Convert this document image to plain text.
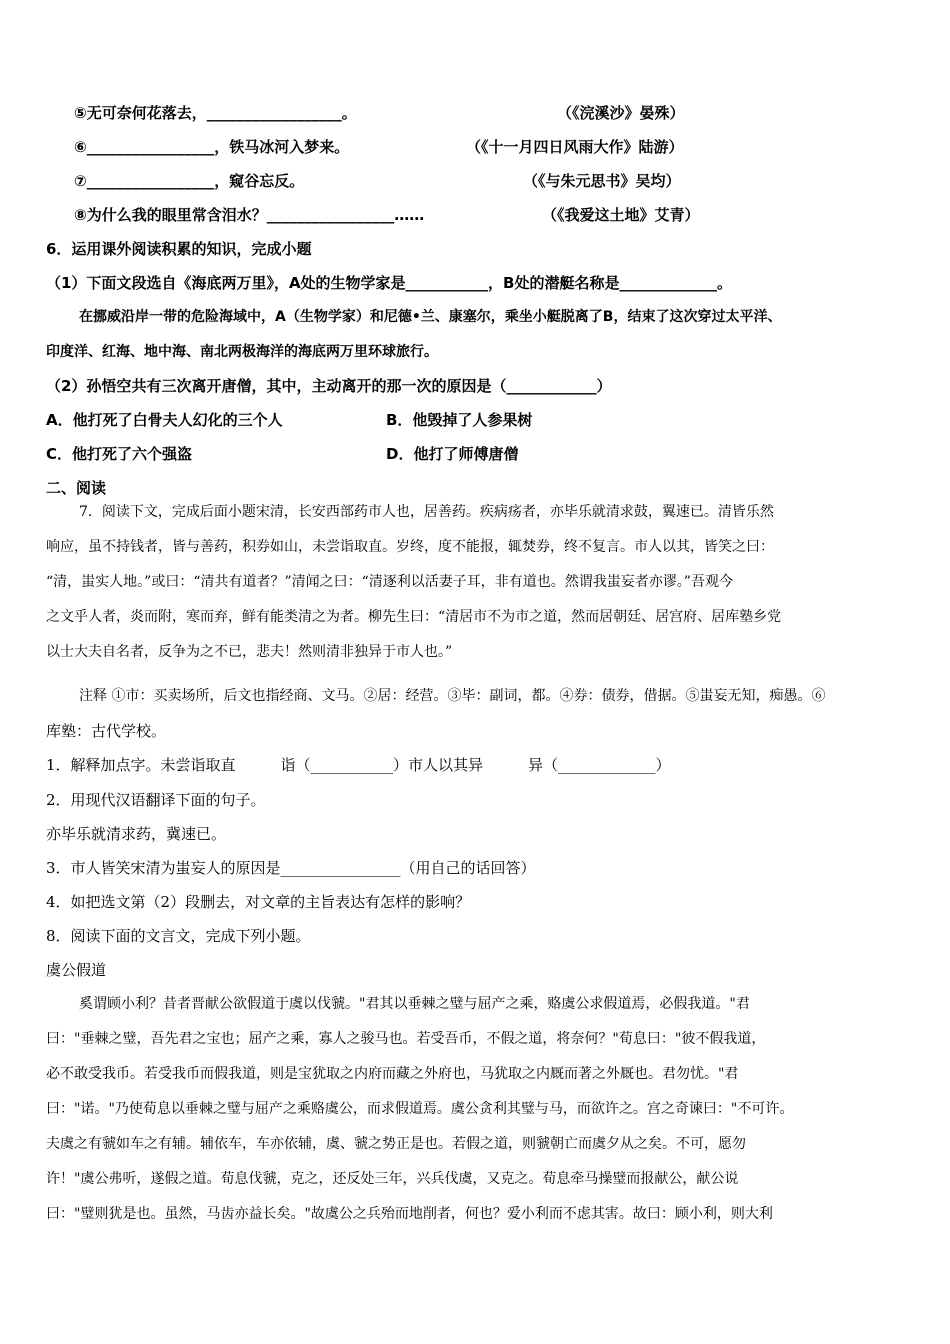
⑤无可奈何花落去，__________________。	（《浣溪沙》晏殊）
⑥_________________，铁马冰河入梦来。	（《十一月四日风雨大作》陆游）
⑦_________________，窥谷忘反。	（《与朱元思书》吴均）
⑧为什么我的眼里常含泪水？_________________……	（《我爱这土地》艾青）
6．运用课外阅读积累的知识，完成小题
（1）下面文段选自《海底两万里》，A处的生物学家是___________，B处的潜艇名称是_____________。
在挪威沿岸一带的危险海域中，A（生物学家）和尼德•兰、康塞尔，乘坐小艇脱离了B，结束了这次穿过太平洋、
印度洋、红海、地中海、南北两极海洋的海底两万里环球旅行。
（2）孙悟空共有三次离开唐僧，其中，主动离开的那一次的原因是（____________）
A．他打死了白骨夫人幻化的三个人	B．他毁掉了人参果树
C．他打死了六个强盗	D．他打了师傅唐僧
二、阅读
7．阅读下文，完成后面小题宋清，长安西部药市人也，居善药。疾病疡者，亦毕乐就清求鼓，翼速已。清皆乐然
响应，虽不持钱者，皆与善药，积券如山，未尝诣取直。岁终，度不能报，辄焚券，终不复言。市人以其，皆笑之曰：
“清，蚩实人地。”或曰：“清共有道者？”清闻之曰：“清逐利以活妻子耳，非有道也。然谓我蚩妄者亦谬。”吾观今
之文乎人者，炎而附，寒而弃，鲜有能类清之为者。柳先生曰：“清居市不为市之道，然而居朝廷、居宫府、居库塾乡党
以士大夫自名者，反争为之不已，悲夫！然则清非独异于市人也。”
注释 ①市：买卖场所，后文也指经商、文马。②居：经营。③毕：副词，都。④券：债券，借据。⑤蚩妄无知，痴愚。⑥
库塾：古代学校。
1．解释加点字。未尝诣取直　　　诣（___________）市人以其异　　　异（_____________）
2．用现代汉语翻译下面的句子。
亦毕乐就清求药，冀速已。
3．市人皆笑宋清为蚩妄人的原因是________________（用自己的话回答）
4．如把选文第（2）段删去，对文章的主旨表达有怎样的影响？
8．阅读下面的文言文，完成下列小题。
虞公假道
奚谓顾小利？昔者晋献公欲假道于虞以伐虢。"君其以垂棘之璧与屈产之乘，赂虞公求假道焉，必假我道。"君
曰："垂棘之璧，吾先君之宝也；屈产之乘，寡人之骏马也。若受吾币，不假之道，将奈何？"荀息曰："彼不假我道，
必不敢受我币。若受我币而假我道，则是宝犹取之内府而藏之外府也，马犹取之内厩而著之外厩也。君勿忧。"君
曰："诺。"乃使荀息以垂棘之璧与屈产之乘赂虞公，而求假道焉。虞公贪利其璧与马，而欲许之。宫之奇谏曰："不可许。
夫虞之有虢如车之有辅。辅依车，车亦依辅，虞、虢之势正是也。若假之道，则虢朝亡而虞夕从之矣。不可，愿勿
许！"虞公弗听，遂假之道。荀息伐虢，克之，还反处三年，兴兵伐虞，又克之。荀息牵马操璧而报献公，献公说
曰："璧则犹是也。虽然，马齿亦益长矣。"故虞公之兵殆而地削者，何也？爱小利而不虑其害。故曰：顾小利，则大利
